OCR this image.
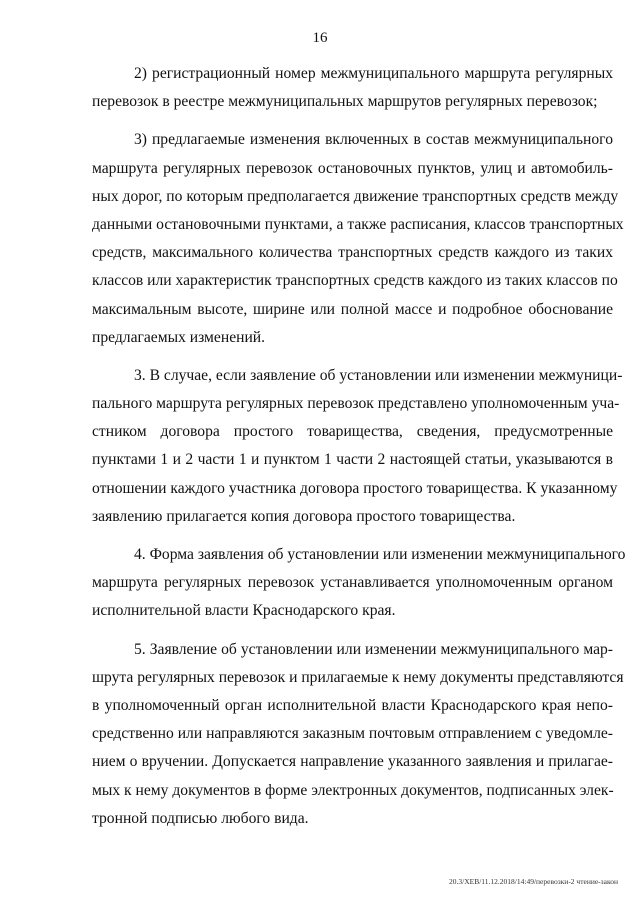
16
2) регистрационный номер межмуниципального маршрута регулярных
перевозок в реестре межмуниципальных маршрутов регулярных перевозок;
3) предлагаемые изменения включенных в состав межмуниципального
маршрута регулярных перевозок остановочных пунктов, улиц и автомобиль-
ных дорог, по которым предполагается движение транспортных средств между
данными остановочными пунктами, а также расписания, классов транспортных
средств, максимального количества транспортных средств каждого из таких
классов или характеристик транспортных средств каждого из таких классов по
максимальным высоте, ширине или полной массе и подробное обоснование
предлагаемых изменений.
3. В случае, если заявление об установлении или изменении межмуници-
пального маршрута регулярных перевозок представлено уполномоченным уча-
стником договора простого товарищества, сведения, предусмотренные
пунктами 1 и 2 части 1 и пунктом 1 части 2 настоящей статьи, указываются в
отношении каждого участника договора простого товарищества. К указанному
заявлению прилагается копия договора простого товарищества.
4. Форма заявления об установлении или изменении межмуниципального
маршрута регулярных перевозок устанавливается уполномоченным органом
исполнительной власти Краснодарского края.
5. Заявление об установлении или изменении межмуниципального мар-
шрута регулярных перевозок и прилагаемые к нему документы представляются
в уполномоченный орган исполнительной власти Краснодарского края непо-
средственно или направляются заказным почтовым отправлением с уведомле-
нием о вручении. Допускается направление указанного заявления и прилагае-
мых к нему документов в форме электронных документов, подписанных элек-
тронной подписью любого вида.
20.3/ХЕВ/11.12.2018/14:49/перевозки-2 чтение-закон
